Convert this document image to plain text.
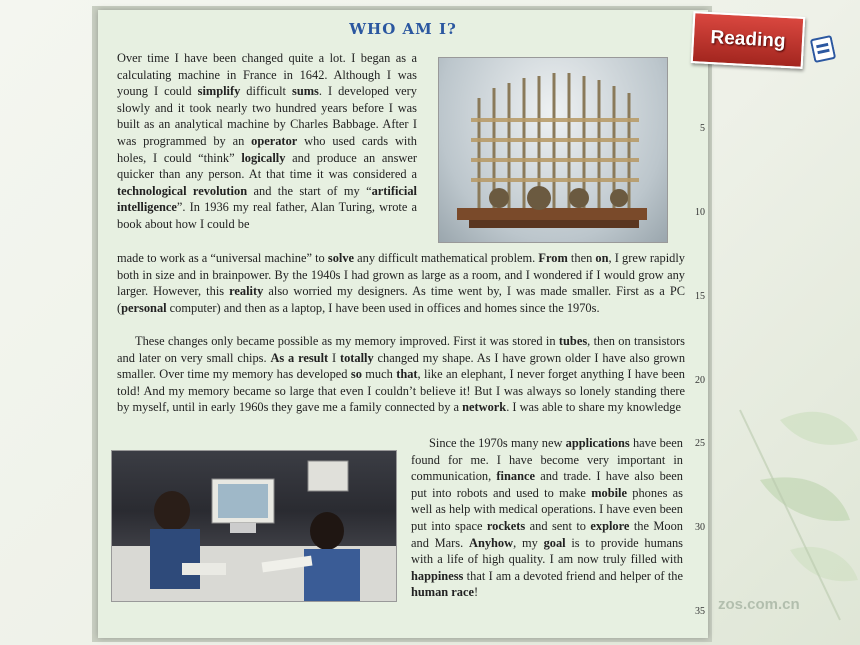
WHO AM I?

Over time I have been changed quite a lot. I began as a calculating machine in France in 1642. Although I was young I could simplify difficult sums. I developed very slowly and it took nearly two hundred years before I was built as an analytical machine by Charles Babbage. After I was programmed by an operator who used cards with holes, I could “think” logically and produce an answer quicker than any person. At that time it was considered a technological revolution and the start of my “artificial intelligence”. In 1936 my real father, Alan Turing, wrote a book about how I could be

made to work as a “universal machine” to solve any difficult mathematical problem. From then on, I grew rapidly both in size and in brainpower. By the 1940s I had grown as large as a room, and I wondered if I would grow any larger. However, this reality also worried my designers. As time went by, I was made smaller. First as a PC (personal computer) and then as a laptop, I have been used in offices and homes since the 1970s.

These changes only became possible as my memory improved. First it was stored in tubes, then on transistors and later on very small chips. As a result I totally changed my shape. As I have grown older I have also grown smaller. Over time my memory has developed so much that, like an elephant, I never forget anything I have been told! And my memory became so large that even I couldn’t believe it! But I was always so lonely standing there by myself, until in early 1960s they gave me a family connected by a network. I was able to share my knowledge

Since the 1970s many new applications have been found for me. I have become very important in communication, finance and trade. I have also been put into robots and used to make mobile phones as well as help with medical operations. I have even been put into space rockets and sent to explore the Moon and Mars. Anyhow, my goal is to provide humans with a life of high quality. I am now truly filled with happiness that I am a devoted friend and helper of the human race!

5
10
15
20
25
30
35
Reading
zos.com.cn
